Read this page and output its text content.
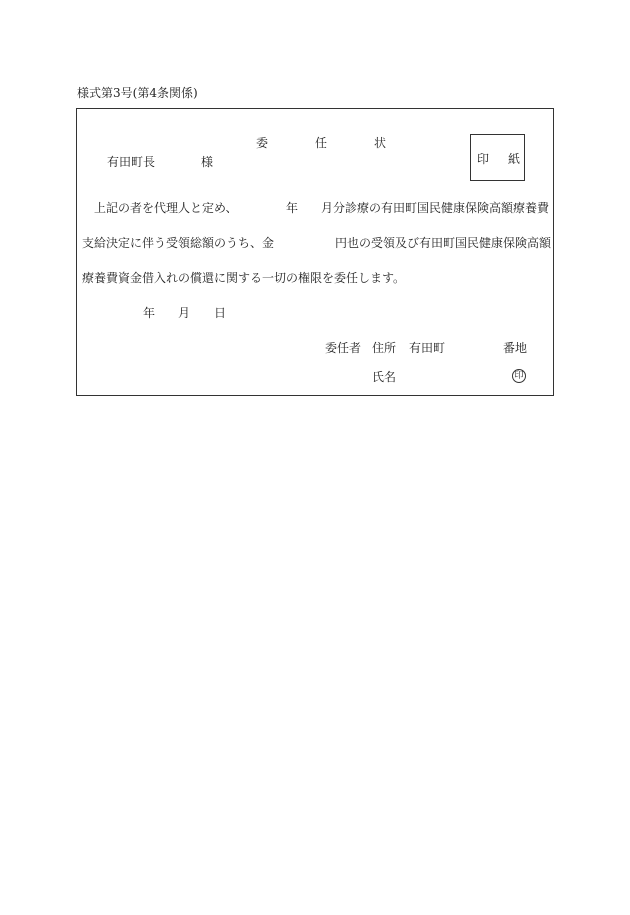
様式第3号(第4条関係)
委	任	状
有田町長	様	印 紙
上記の者を代理人と定め、	年 月分診療の有田町国民健康保険高額療養費
支給決定に伴う受領総額のうち、金	円也の受領及び有田町国民健康保険高額
療養費資金借入れの償還に関する一切の権限を委任します。
年 月 日
委任者 住所 有田町	番地
氏名	印
